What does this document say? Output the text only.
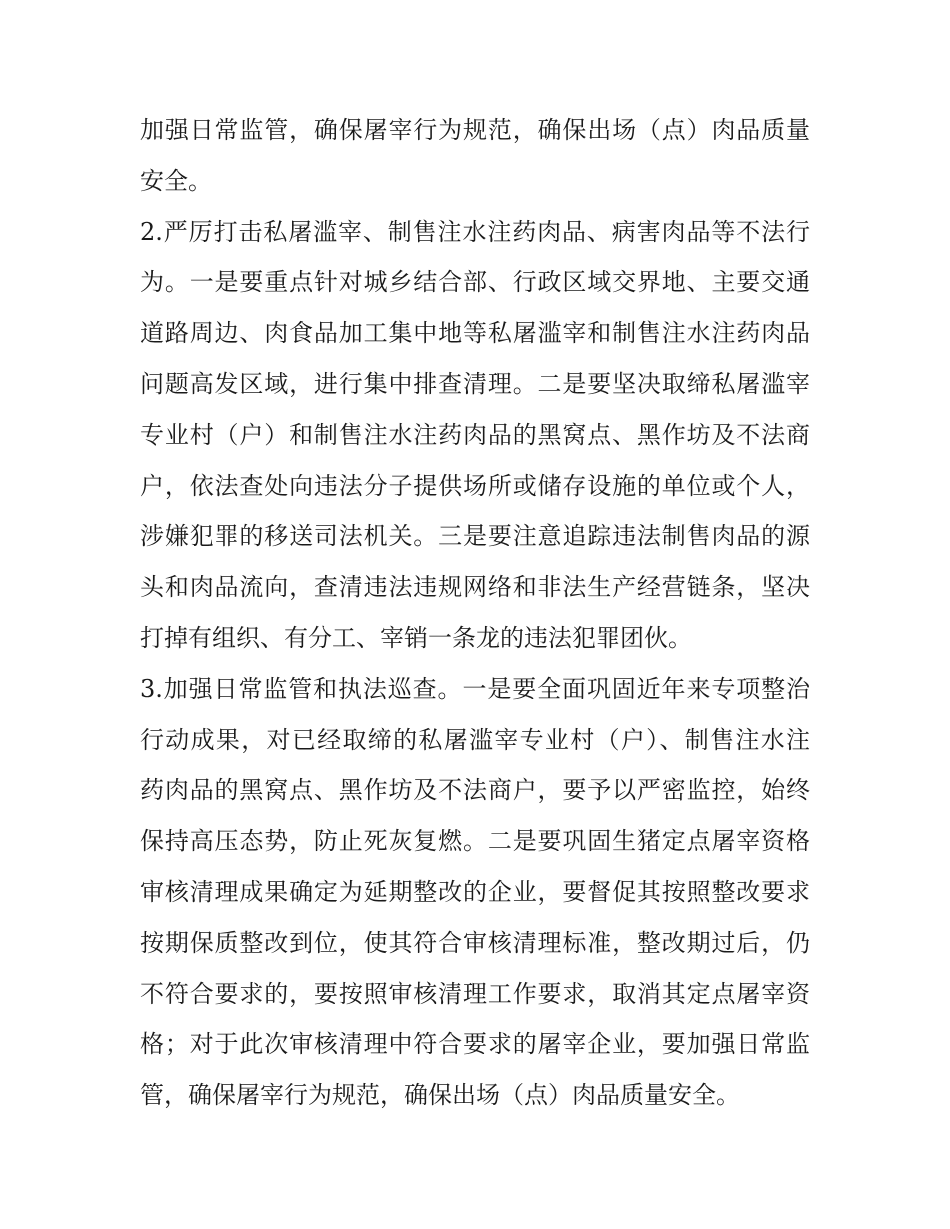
加强日常监管，确保屠宰行为规范，确保出场（点）肉品质量
安全。
2.严厉打击私屠滥宰、制售注水注药肉品、病害肉品等不法行
为。一是要重点针对城乡结合部、行政区域交界地、主要交通
道路周边、肉食品加工集中地等私屠滥宰和制售注水注药肉品
问题高发区域，进行集中排查清理。二是要坚决取缔私屠滥宰
专业村（户）和制售注水注药肉品的黑窝点、黑作坊及不法商
户，依法查处向违法分子提供场所或储存设施的单位或个人，
涉嫌犯罪的移送司法机关。三是要注意追踪违法制售肉品的源
头和肉品流向，查清违法违规网络和非法生产经营链条，坚决
打掉有组织、有分工、宰销一条龙的违法犯罪团伙。
3.加强日常监管和执法巡查。一是要全面巩固近年来专项整治
行动成果，对已经取缔的私屠滥宰专业村（户）、制售注水注
药肉品的黑窝点、黑作坊及不法商户，要予以严密监控，始终
保持高压态势，防止死灰复燃。二是要巩固生猪定点屠宰资格
审核清理成果确定为延期整改的企业，要督促其按照整改要求
按期保质整改到位，使其符合审核清理标准，整改期过后，仍
不符合要求的，要按照审核清理工作要求，取消其定点屠宰资
格；对于此次审核清理中符合要求的屠宰企业，要加强日常监
管，确保屠宰行为规范，确保出场（点）肉品质量安全。
